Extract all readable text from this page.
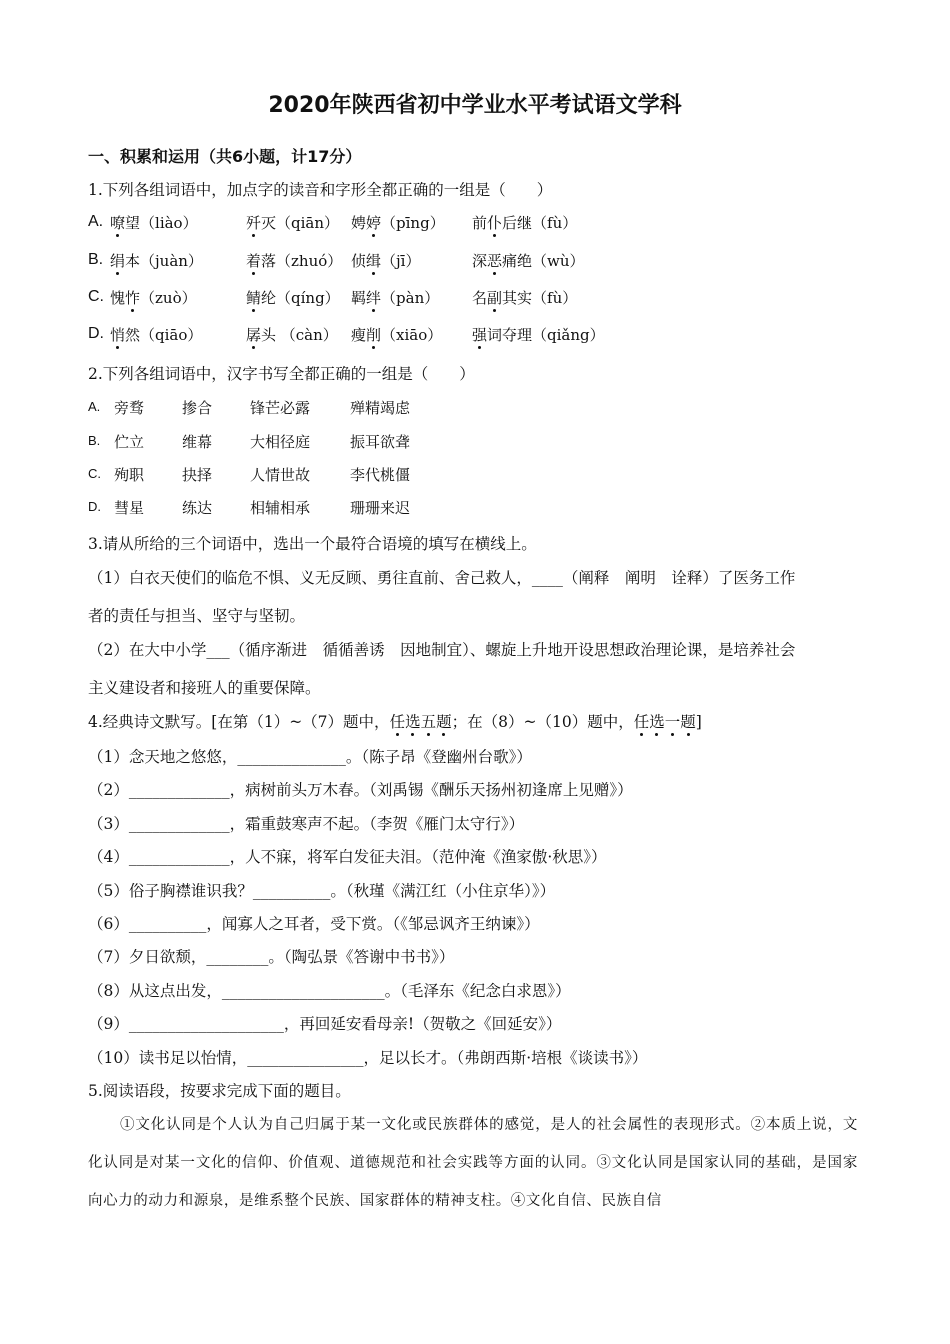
2020年陕西省初中学业水平考试语文学科
一、积累和运用（共6小题，计17分）
1.下列各组词语中，加点字的读音和字形全都正确的一组是（　　）
A. 嘹望（liào）	歼灭（qiān） 娉婷（pīng） 前仆后继（fù）
B. 绢本（juàn）	着落（zhuó） 侦缉（jī）	深恶痛绝（wù）
C. 愧怍（zuò）	鲭纶（qíng） 羁绊（pàn） 名副其实（fù）
D. 悄然（qiāo）	孱头 （càn） 瘦削（xiāo） 强词夺理（qiǎng）
2.下列各组词语中，汉字书写全都正确的一组是（　　）
A. 旁骛	掺合	锋芒必露	殚精竭虑
B. 伫立	维幕	大相径庭	振耳欲聋
C. 殉职	抉择	人情世故	李代桃僵
D. 彗星	练达	相辅相承	珊珊来迟
3.请从所给的三个词语中，选出一个最符合语境的填写在横线上。
（1）白衣天使们的临危不惧、义无反顾、勇往直前、舍己救人，____（阐释　阐明　诠释）了医务工作
者的责任与担当、坚守与坚韧。
（2）在大中小学___（循序渐进　循循善诱　因地制宜）、螺旋上升地开设思想政治理论课，是培养社会
主义建设者和接班人的重要保障。
4.经典诗文默写。[在第（1）~（7）题中，任选五题；在（8）~（10）题中，任选一题]
（1）念天地之悠悠，______________。（陈子昂《登幽州台歌》）
（2）_____________，病树前头万木春。（刘禹锡《酬乐天扬州初逢席上见赠》）
（3）_____________，霜重鼓寒声不起。（李贺《雁门太守行》）
（4）_____________，人不寐，将军白发征夫泪。（范仲淹《渔家傲·秋思》）
（5）俗子胸襟谁识我？__________。（秋瑾《满江红（小住京华）》）
（6）__________，闻寡人之耳者，受下赏。（《邹忌讽齐王纳谏》）
（7）夕日欲颓，________。（陶弘景《答谢中书书》）
（8）从这点出发，_____________________。（毛泽东《纪念白求恩》）
（9）____________________，再回延安看母亲!（贺敬之《回延安》）
（10）读书足以怡情，_______________，足以长才。（弗朗西斯·培根《谈读书》）
5.阅读语段，按要求完成下面的题目。
①文化认同是个人认为自己归属于某一文化或民族群体的感觉，是人的社会属性的表现形式。②本质上说，文化认同是对某一文化的信仰、价值观、道德规范和社会实践等方面的认同。③文化认同是国家认同的基础，是国家向心力的动力和源泉，是维系整个民族、国家群体的精神支柱。④文化自信、民族自信
